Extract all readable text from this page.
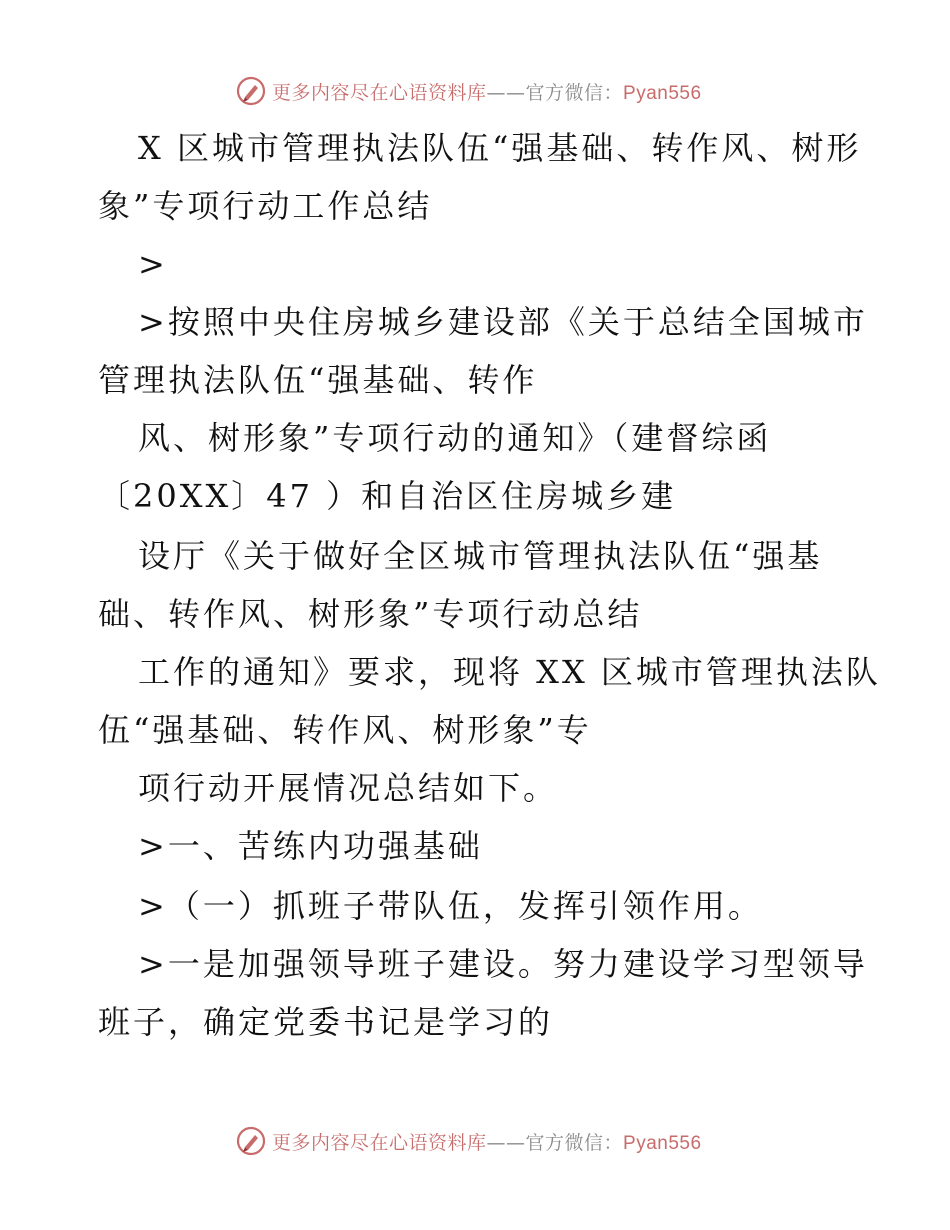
更多内容尽在心语资料库——官方微信：Pyan556
X 区城市管理执法队伍“强基础、转作风、树形
象”专项行动工作总结
>
>按照中央住房城乡建设部《关于总结全国城市
管理执法队伍“强基础、转作
风、树形象”专项行动的通知》（建督综函
〔20XX〕47 ）和自治区住房城乡建
设厅《关于做好全区城市管理执法队伍“强基
础、转作风、树形象”专项行动总结
工作的通知》要求，现将 XX 区城市管理执法队
伍“强基础、转作风、树形象”专
项行动开展情况总结如下。
>一、苦练内功强基础
>（一）抓班子带队伍，发挥引领作用。
>一是加强领导班子建设。努力建设学习型领导
班子，确定党委书记是学习的
更多内容尽在心语资料库——官方微信：Pyan556
